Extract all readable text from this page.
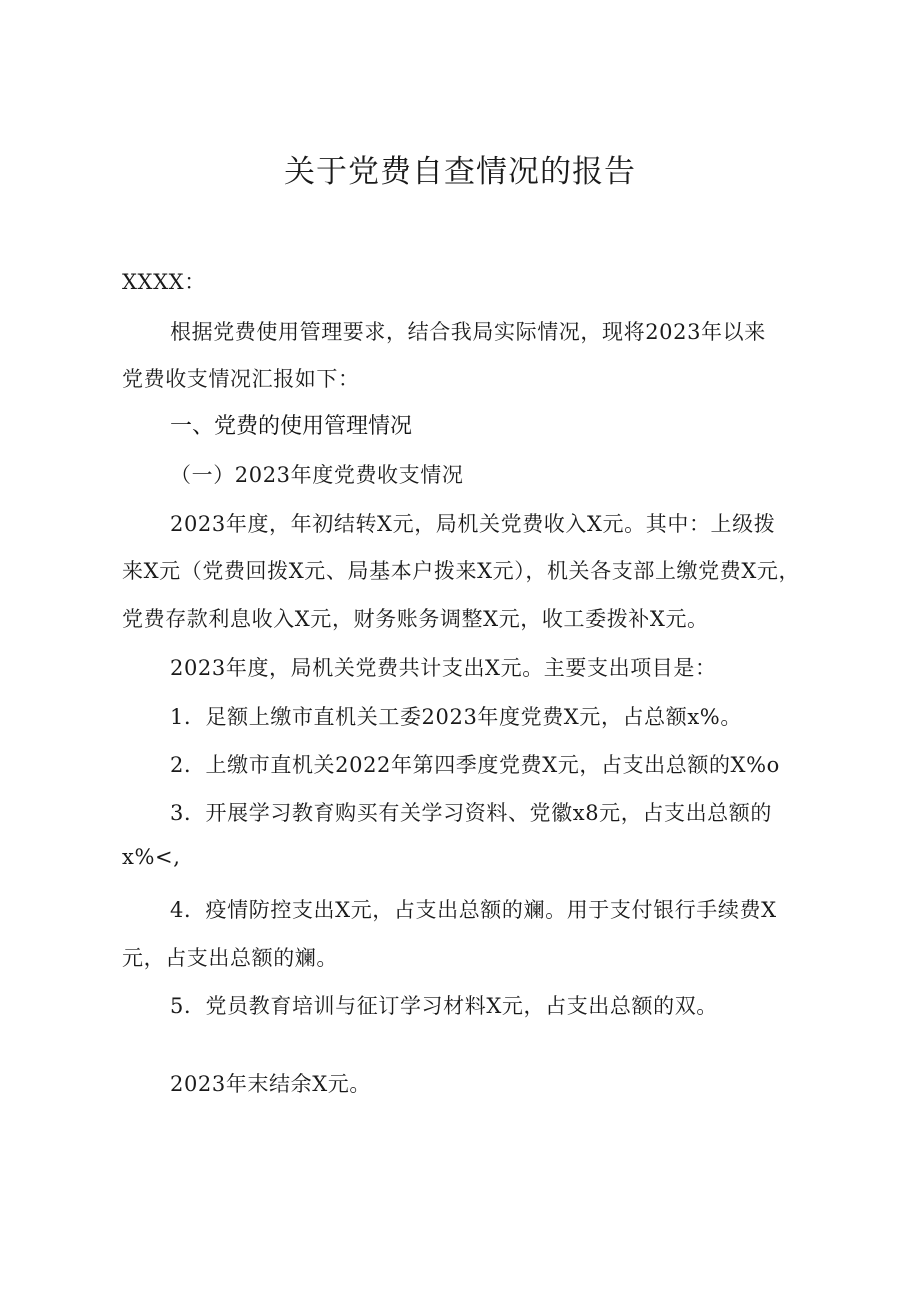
关于党费自查情况的报告
XXXX：
根据党费使用管理要求，结合我局实际情况，现将2023年以来
党费收支情况汇报如下：
一、党费的使用管理情况
（一）2023年度党费收支情况
2023年度，年初结转X元，局机关党费收入X元。其中：上级拨
来X元（党费回拨X元、局基本户拨来X元），机关各支部上缴党费X元，
党费存款利息收入X元，财务账务调整X元，收工委拨补X元。
2023年度，局机关党费共计支出X元。主要支出项目是：
1．足额上缴市直机关工委2023年度党费X元，占总额x%。
2．上缴市直机关2022年第四季度党费X元，占支出总额的X%o
3．开展学习教育购买有关学习资料、党徽x8元，占支出总额的
x%<,
4．疫情防控支出X元，占支出总额的斓。用于支付银行手续费X
元，占支出总额的斓。
5．党员教育培训与征订学习材料X元，占支出总额的双。
2023年末结余X元。
